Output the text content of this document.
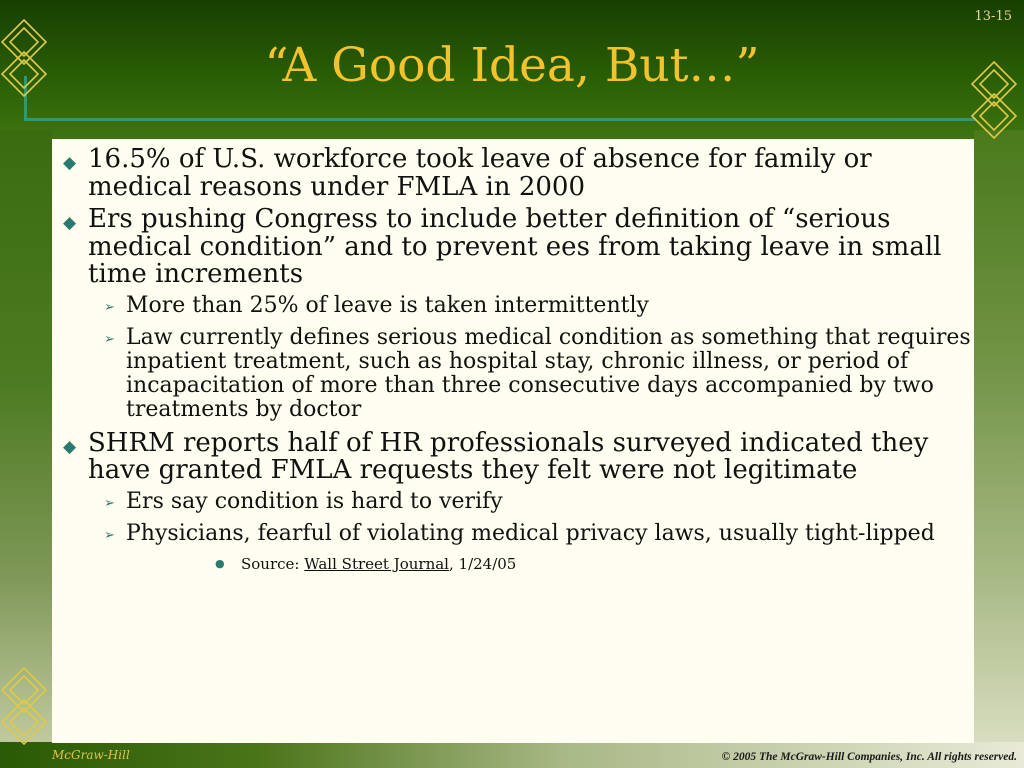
13-15
“A Good Idea, But…”
◆ 16.5% of U.S. workforce took leave of absence for family or medical reasons under FMLA in 2000
◆ Ers pushing Congress to include better definition of “serious medical condition” and to prevent ees from taking leave in small time increments
➢ More than 25% of leave is taken intermittently
➢ Law currently defines serious medical condition as something that requires inpatient treatment, such as hospital stay, chronic illness, or period of incapacitation of more than three consecutive days accompanied by two treatments by doctor
◆ SHRM reports half of HR professionals surveyed indicated they have granted FMLA requests they felt were not legitimate
➢ Ers say condition is hard to verify
➢ Physicians, fearful of violating medical privacy laws, usually tight-lipped
● Source: Wall Street Journal, 1/24/05
McGraw-Hill	© 2005 The McGraw-Hill Companies, Inc. All rights reserved.
